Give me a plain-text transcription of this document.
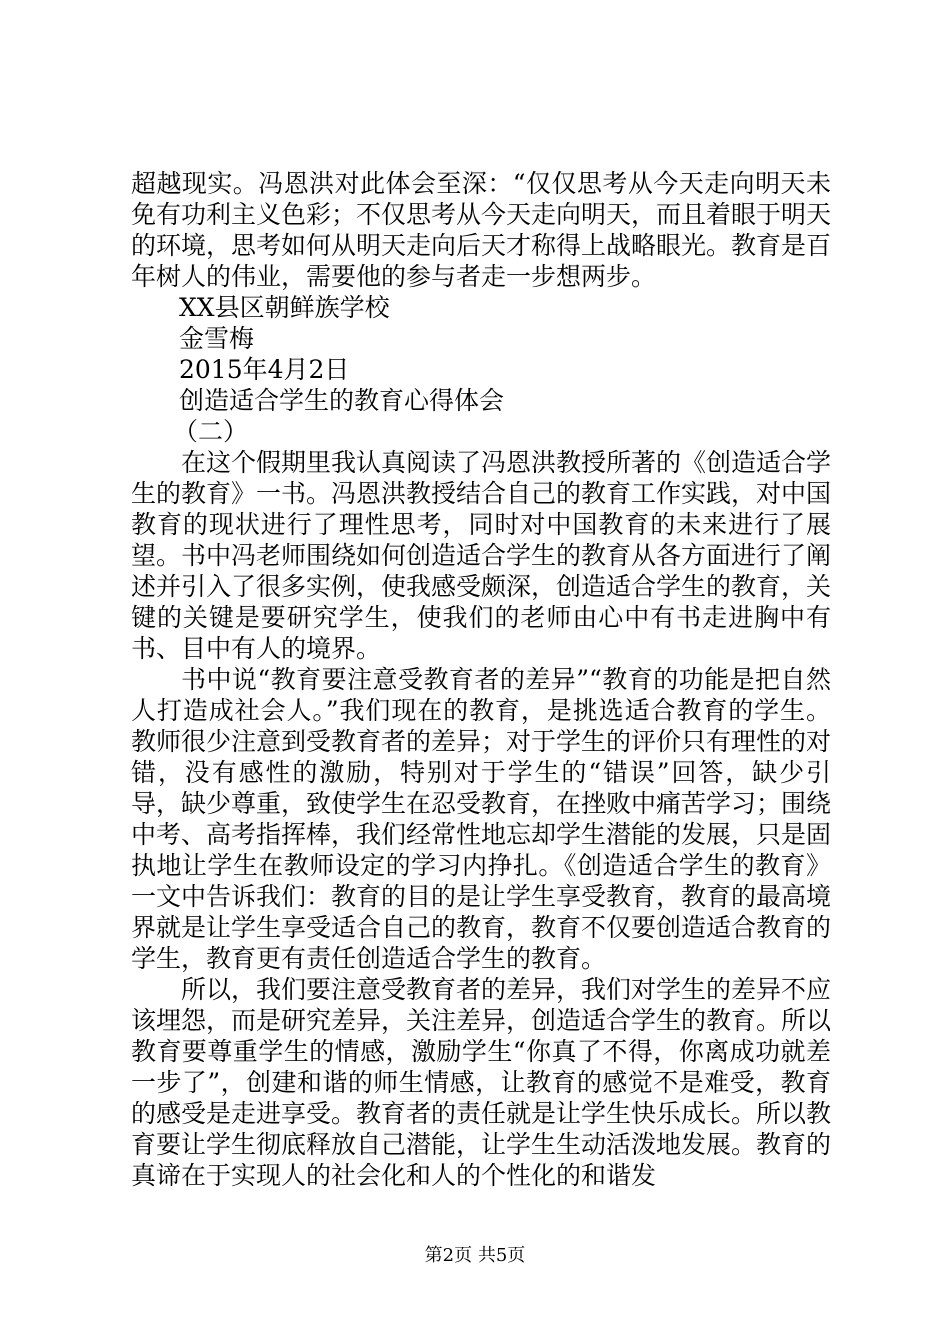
超越现实。冯恩洪对此体会至深：“仅仅思考从今天走向明天未免有功利主义色彩；不仅思考从今天走向明天，而且着眼于明天的环境，思考如何从明天走向后天才称得上战略眼光。教育是百年树人的伟业，需要他的参与者走一步想两步。

XX县区朝鲜族学校
金雪梅
2015年4月2日
创造适合学生的教育心得体会
（二）

在这个假期里我认真阅读了冯恩洪教授所著的《创造适合学生的教育》一书。冯恩洪教授结合自己的教育工作实践，对中国教育的现状进行了理性思考，同时对中国教育的未来进行了展望。书中冯老师围绕如何创造适合学生的教育从各方面进行了阐述并引入了很多实例，使我感受颇深，创造适合学生的教育，关键的关键是要研究学生，使我们的老师由心中有书走进胸中有书、目中有人的境界。

书中说“教育要注意受教育者的差异”“教育的功能是把自然人打造成社会人。”我们现在的教育，是挑选适合教育的学生。教师很少注意到受教育者的差异；对于学生的评价只有理性的对错，没有感性的激励，特别对于学生的“错误”回答，缺少引导，缺少尊重，致使学生在忍受教育，在挫败中痛苦学习；围绕中考、高考指挥棒，我们经常性地忘却学生潜能的发展，只是固执地让学生在教师设定的学习内挣扎。《创造适合学生的教育》一文中告诉我们：教育的目的是让学生享受教育，教育的最高境界就是让学生享受适合自己的教育，教育不仅要创造适合教育的学生，教育更有责任创造适合学生的教育。

所以，我们要注意受教育者的差异，我们对学生的差异不应该埋怨，而是研究差异，关注差异，创造适合学生的教育。所以教育要尊重学生的情感，激励学生“你真了不得，你离成功就差一步了”，创建和谐的师生情感，让教育的感觉不是难受，教育的感受是走进享受。教育者的责任就是让学生快乐成长。所以教育要让学生彻底释放自己潜能，让学生生动活泼地发展。教育的真谛在于实现人的社会化和人的个性化的和谐发

第2页 共5页
